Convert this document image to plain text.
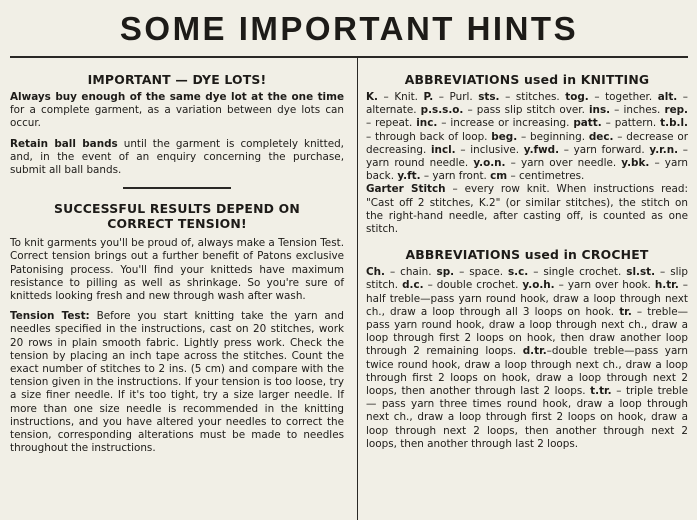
SOME IMPORTANT HINTS
IMPORTANT — DYE LOTS!

Always buy enough of the same dye lot at the one time for a complete garment, as a variation between dye lots can occur.

Retain ball bands until the garment is completely knitted, and, in the event of an enquiry concerning the purchase, submit all ball bands.

SUCCESSFUL RESULTS DEPEND ON
CORRECT TENSION!

To knit garments you'll be proud of, always make a Tension Test. Correct tension brings out a further benefit of Patons exclusive Patonising process. You'll find your knitteds have maximum resistance to pilling as well as shrinkage. So you're sure of knitteds looking fresh and new through wash after wash.

Tension Test: Before you start knitting take the yarn and needles specified in the instructions, cast on 20 stitches, work 20 rows in plain smooth fabric. Lightly press work. Check the tension by placing an inch tape across the stitches. Count the exact number of stitches to 2 ins. (5 cm) and compare with the tension given in the instructions. If your tension is too loose, try a size finer needle. If it's too tight, try a size larger needle. If more than one size needle is recommended in the knitting instructions, and you have altered your needles to correct the tension, corresponding alterations must be made to needles throughout the instructions.

ABBREVIATIONS used in KNITTING

K. – Knit. P. – Purl. sts. – stitches. tog. – together. alt. – alternate. p.s.s.o. – pass slip stitch over. ins. – inches. rep. – repeat. inc. – increase or increasing. patt. – pattern. t.b.l. – through back of loop. beg. – beginning. dec. – decrease or decreasing. incl. – inclusive. y.fwd. – yarn forward. y.r.n. – yarn round needle. y.o.n. – yarn over needle. y.bk. – yarn back. y.ft. – yarn front. cm – centimetres.

Garter Stitch – every row knit. When instructions read: "Cast off 2 stitches, K.2" (or similar stitches), the stitch on the right-hand needle, after casting off, is counted as one stitch.

ABBREVIATIONS used in CROCHET

Ch. – chain. sp. – space. s.c. – single crochet. sl.st. – slip stitch. d.c. – double crochet. y.o.h. – yarn over hook. h.tr. – half treble—pass yarn round hook, draw a loop through next ch., draw a loop through all 3 loops on hook. tr. – treble—pass yarn round hook, draw a loop through next ch., draw a loop through first 2 loops on hook, then draw another loop through 2 remaining loops. d.tr.–double treble—pass yarn twice round hook, draw a loop through next ch., draw a loop through first 2 loops on hook, draw a loop through next 2 loops, then another through last 2 loops. t.tr. – triple treble — pass yarn three times round hook, draw a loop through next ch., draw a loop through first 2 loops on hook, draw a loop through next 2 loops, then another through next 2 loops, then another through last 2 loops.
